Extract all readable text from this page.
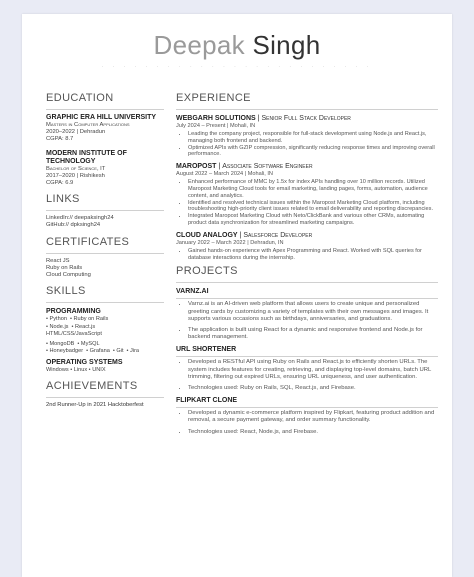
Deepak Singh
· · · · · · · · · · · · · · · · · · · · · · · · ·
EDUCATION
GRAPHIC ERA HILL UNIVERSITY
Masters in Computer Applications
2020–2022 | Dehradun
CGPA: 8.7
MODERN INSTITUTE OF TECHNOLOGY
Bachelor of Science, IT
2017–2020 | Rishikesh
CGPA: 6.9
LINKS
LinkedIn:// deepaksingh24
GitHub:// dpksingh24
CERTIFICATES
React JS
Ruby on Rails
Cloud Computing
SKILLS
PROGRAMMING
• Python • Ruby on Rails
• Node.js • React.js
HTML/CSS/JavaScript
• MongoDB • MySQL
• Honeybadger • Grafana • Git • Jira
OPERATING SYSTEMS
Windows • Linux • UNIX
ACHIEVEMENTS
2nd Runner-Up in 2021 Hacktoberfest
EXPERIENCE
WEBGARH SOLUTIONS | Senior Full Stack Developer
July 2024 – Present | Mohali, IN
• Leading the company project, responsible for full-stack development using Node.js and React.js, managing both frontend and backend.
• Optimized APIs with GZIP compression, significantly reducing response times and improving overall performance.
MAROPOST | Associate Software Engineer
August 2022 – March 2024 | Mohali, IN
• Enhanced performance of MMC by 1.5x for index APIs handling over 10 million records. Utilized Maropost Marketing Cloud tools for email marketing, landing pages, forms, automation, audience content, and analytics.
• Identified and resolved technical issues within the Maropost Marketing Cloud platform, including troubleshooting high-priority client issues related to email deliverability and reporting discrepancies.
• Integrated Maropost Marketing Cloud with Neto/ClickBank and various other CRMs, automating product data synchronization for streamlined marketing campaigns.
CLOUD ANALOGY | Salesforce Developer
January 2022 – March 2022 | Dehradun, IN
• Gained hands-on experience with Apex Programming and React. Worked with SQL queries for database interactions during the internship.
PROJECTS
VARNZ.AI
• Varnz.ai is an AI-driven web platform that allows users to create unique and personalized greeting cards by customizing a variety of templates with their own messages and images. It supports various occasions such as birthdays, anniversaries, and graduations.
• The application is built using React for a dynamic and responsive frontend and Node.js for backend management.
URL SHORTENER
• Developed a RESTful API using Ruby on Rails and React.js to efficiently shorten URLs. The system includes features for creating, retrieving, and displaying top-level domains, batch URL trimming, filtering out expired URLs, ensuring URL uniqueness, and user authentication.
• Technologies used: Ruby on Rails, SQL, React.js, and Firebase.
FLIPKART CLONE
• Developed a dynamic e-commerce platform inspired by Flipkart, featuring product addition and removal, a secure payment gateway, and order summary functionality.
• Technologies used: React, Node.js, and Firebase.
